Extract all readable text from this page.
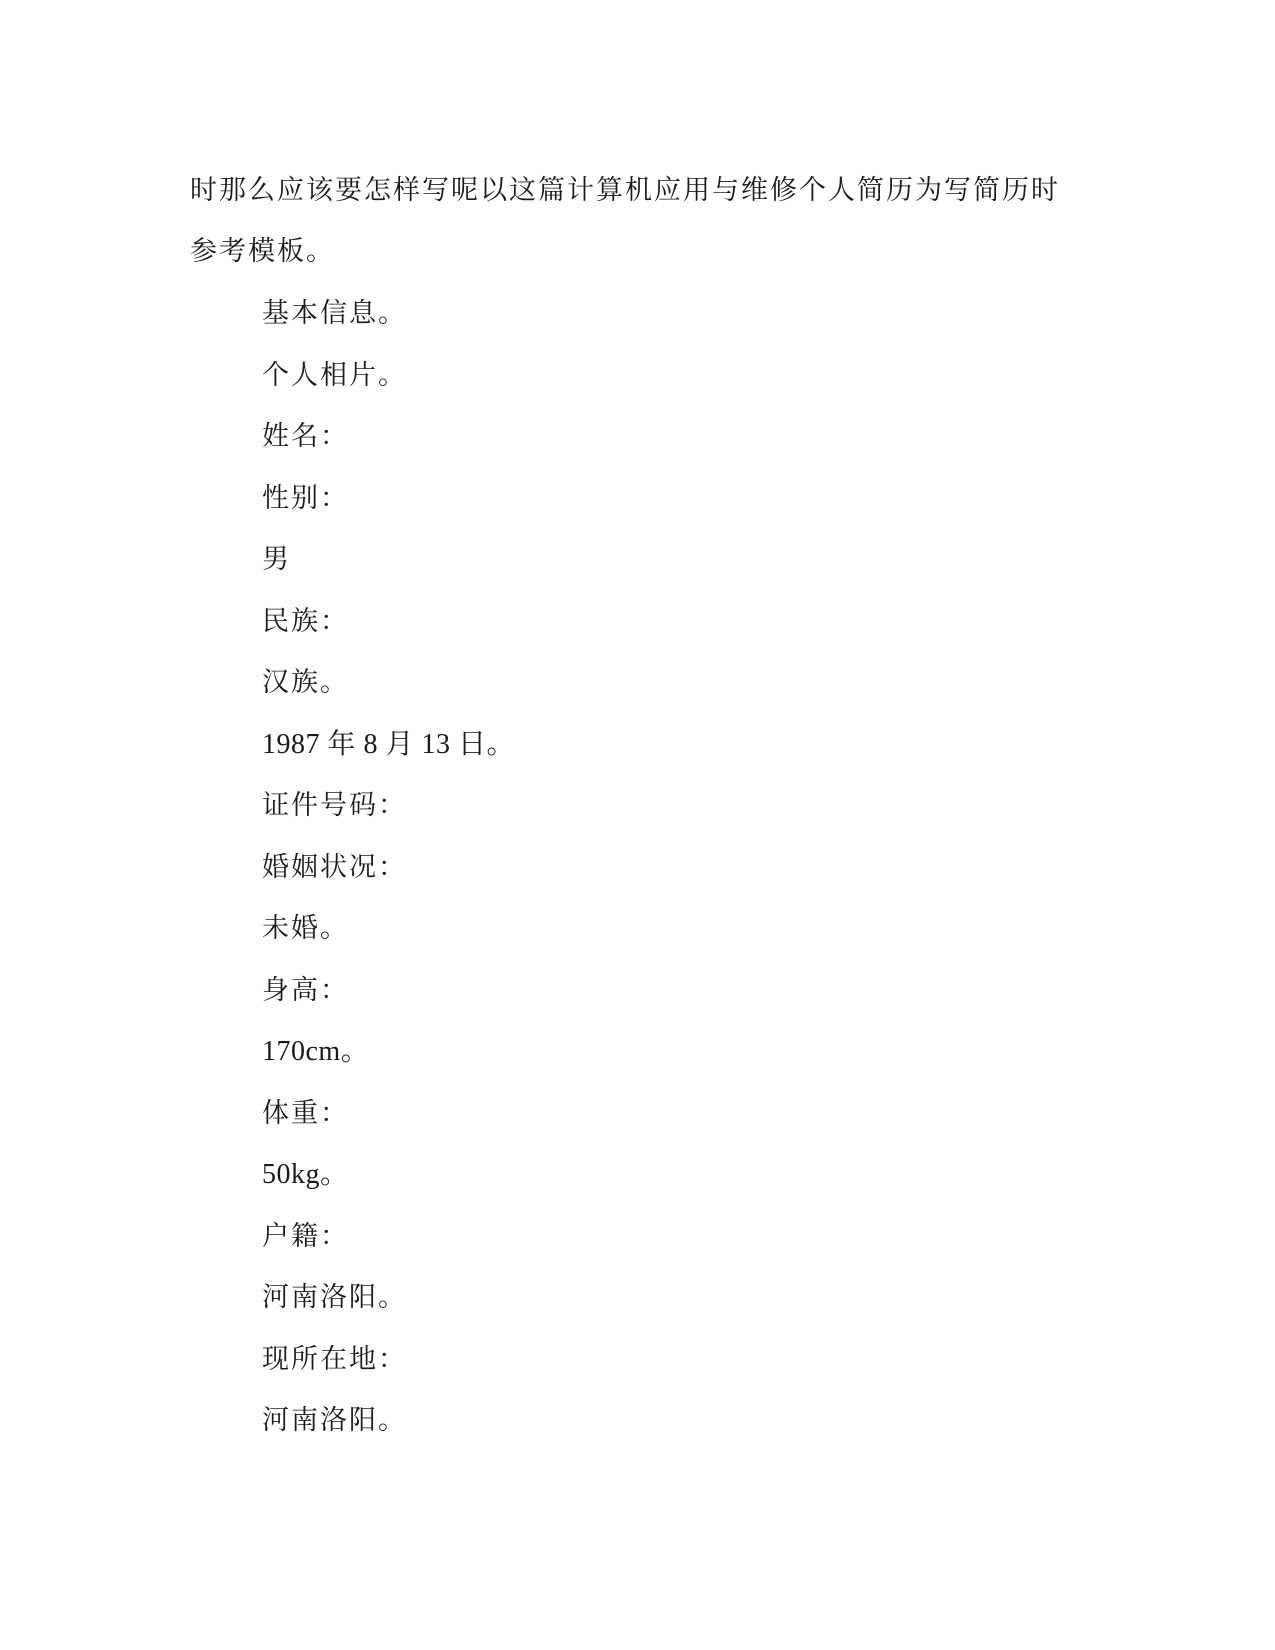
时那么应该要怎样写呢以这篇计算机应用与维修个人简历为写简历时

参考模板。

基本信息。
个人相片。
姓名：
性别：
男
民族：
汉族。
1987 年 8 月 13 日。
证件号码：
婚姻状况：
未婚。
身高：
170cm。
体重：
50kg。
户籍：
河南洛阳。
现所在地：
河南洛阳。
